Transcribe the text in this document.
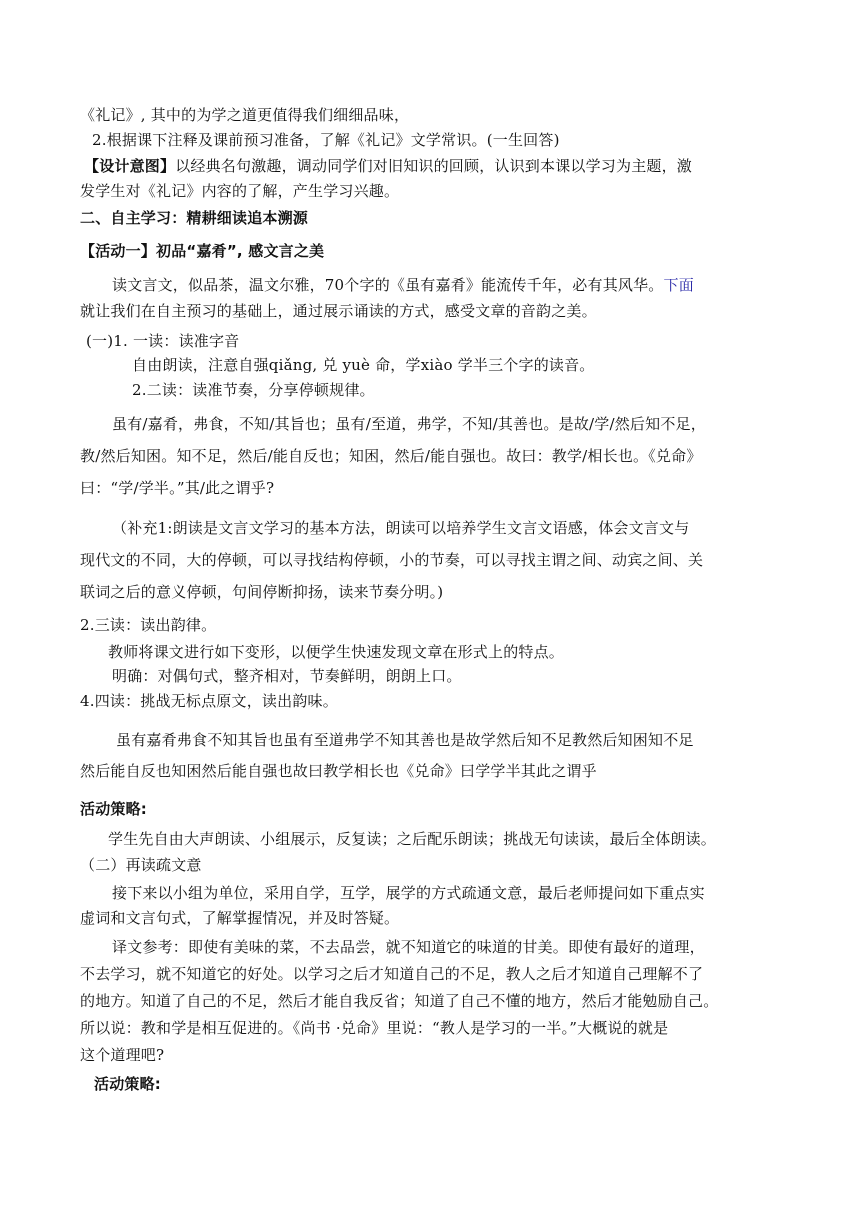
《礼记》, 其中的为学之道更值得我们细细品味，
2.根据课下注释及课前预习准备，了解《礼记》文学常识。(一生回答)
【设计意图】以经典名句激趣，调动同学们对旧知识的回顾，认识到本课以学习为主题，激
发学生对《礼记》内容的了解，产生学习兴趣。
二、自主学习：精耕细读追本溯源
【活动一】初品“嘉肴”, 感文言之美
读文言文，似品茶，温文尔雅，70个字的《虽有嘉肴》能流传千年，必有其风华。下面
就让我们在自主预习的基础上，通过展示诵读的方式，感受文章的音韵之美。
(一)1. 一读：读准字音
自由朗读，注意自强qiǎng, 兑 yuè 命，学xiào 学半三个字的读音。
2.二读：读准节奏，分享停顿规律。
虽有/嘉肴，弗食，不知/其旨也；虽有/至道，弗学，不知/其善也。是故/学/然后知不足，
教/然后知困。知不足，然后/能自反也；知困，然后/能自强也。故曰：教学/相长也。《兑命》
曰：“学/学半。”其/此之谓乎?
（补充1:朗读是文言文学习的基本方法，朗读可以培养学生文言文语感，体会文言文与
现代文的不同，大的停顿，可以寻找结构停顿，小的节奏，可以寻找主谓之间、动宾之间、关
联词之后的意义停顿，句间停断抑扬，读来节奏分明。)
2.三读：读出韵律。
教师将课文进行如下变形，以便学生快速发现文章在形式上的特点。
明确：对偶句式，整齐相对，节奏鲜明，朗朗上口。
4.四读：挑战无标点原文，读出韵味。
虽有嘉肴弗食不知其旨也虽有至道弗学不知其善也是故学然后知不足教然后知困知不足
然后能自反也知困然后能自强也故曰教学相长也《兑命》曰学学半其此之谓乎
活动策略:
学生先自由大声朗读、小组展示，反复读；之后配乐朗读；挑战无句读读，最后全体朗读。
（二）再读疏文意
接下来以小组为单位，采用自学，互学，展学的方式疏通文意，最后老师提问如下重点实
虚词和文言句式，了解掌握情况，并及时答疑。
译文参考：即使有美味的菜，不去品尝，就不知道它的味道的甘美。即使有最好的道理，
不去学习，就不知道它的好处。以学习之后才知道自己的不足，教人之后才知道自己理解不了
的地方。知道了自己的不足，然后才能自我反省；知道了自己不懂的地方，然后才能勉励自己。
所以说：教和学是相互促进的。《尚书 ·兑命》里说：“教人是学习的一半。”大概说的就是
这个道理吧?
活动策略:
